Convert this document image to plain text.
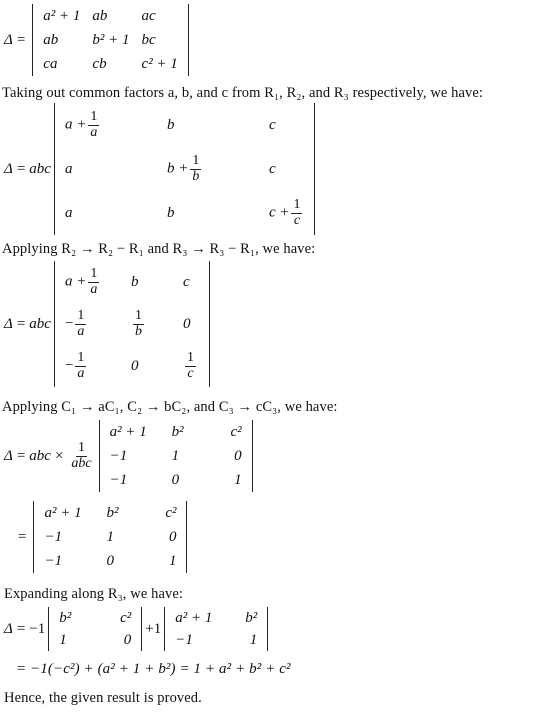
Δ =
a² + 1	ab	ac
ab	b² + 1	bc
ca	cb	c² + 1
Taking out common factors a, b, and c from R₁, R₂, and R₃ respectively, we have:
Δ = abc
$a + \frac{1}{a}$	b	c
a	$b + \frac{1}{b}$	c
a	b	$c + \frac{1}{c}$
Applying R₂ → R₂ − R₁ and R₃ → R₃ − R₁, we have:
Δ = abc
$a + \frac{1}{a}$	b	c
− $\frac{1}{a}$	$\frac{1}{b}$	0
− $\frac{1}{a}$	0	$\frac{1}{c}$
Applying C₁ → aC₁, C₂ → bC₂, and C₃ → cC₃, we have:
Δ = abc × $\frac{1}{\text{abc}}$
a² + 1	b²	c²
−1	1	0
−1	0	1
=
a² + 1	b²	c²
−1	1	0
−1	0	1
Expanding along R₃, we have:
Δ = −1
b²	c²
1	0
+ 1
a² + 1	b²
−1	1
= −1(−c²) + (a² + 1 + b²) = 1 + a² + b² + c²
Hence, the given result is proved.
